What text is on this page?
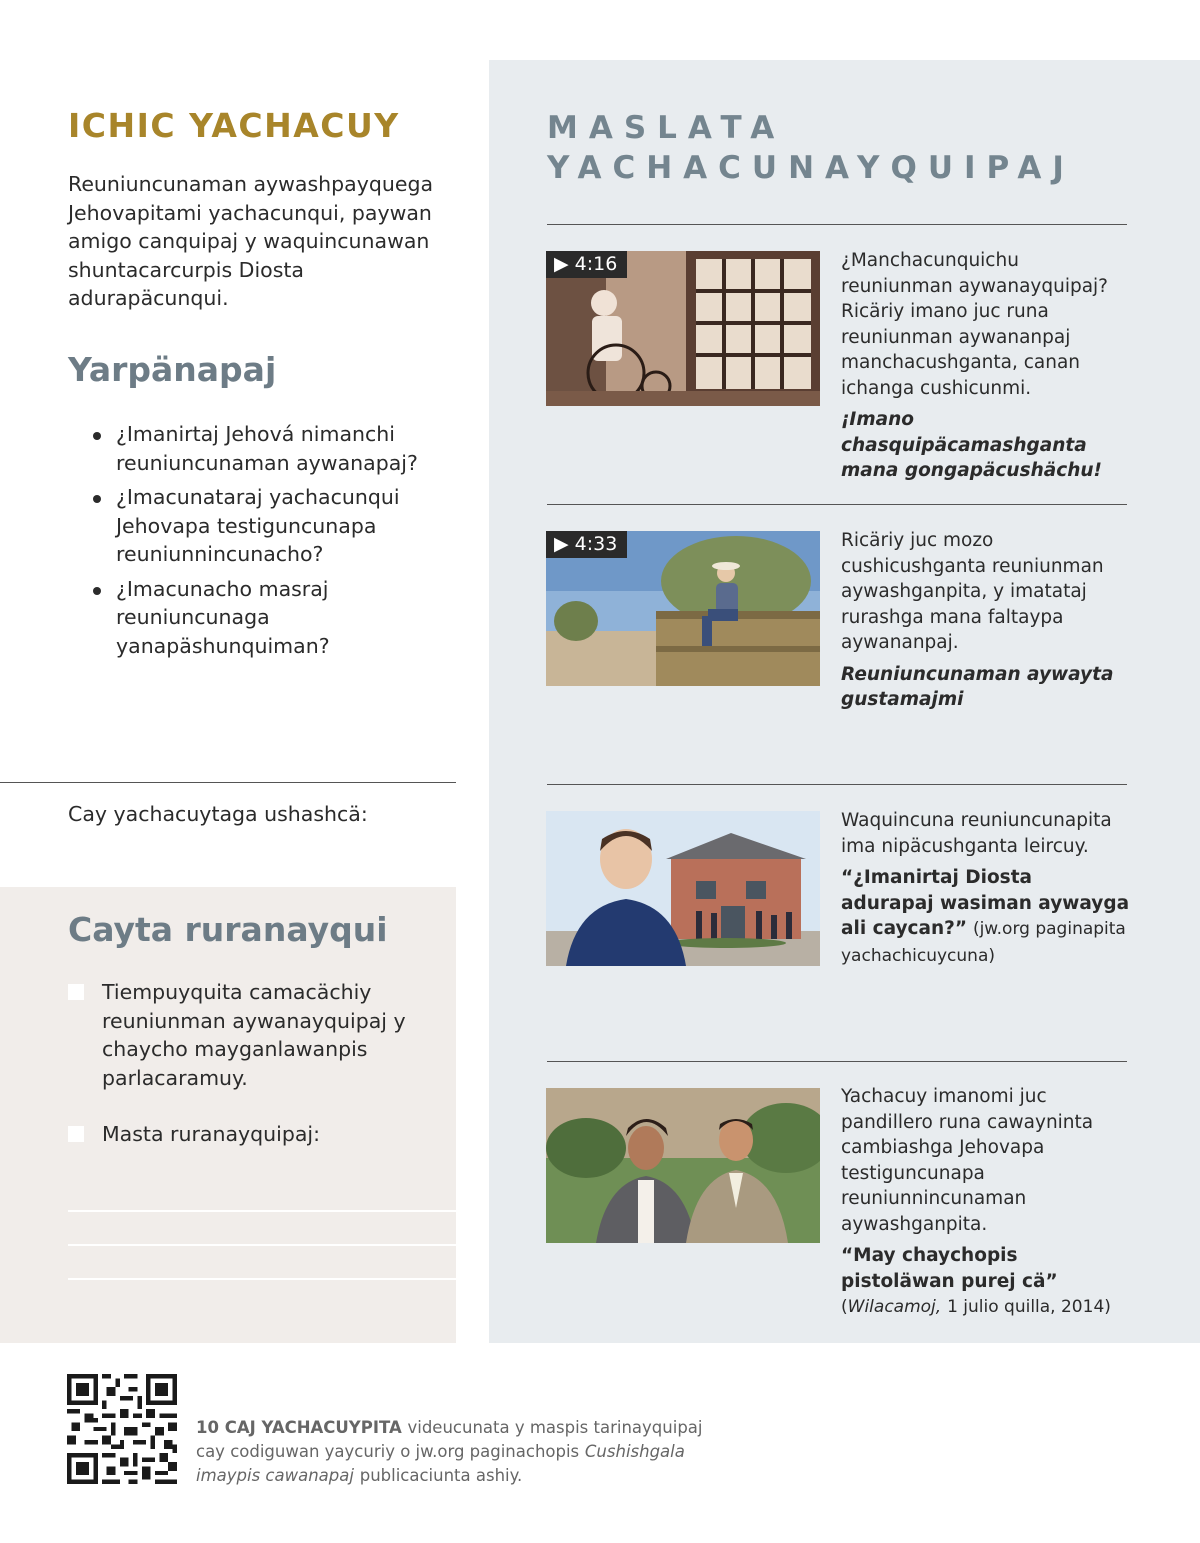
ICHIC YACHACUY

Reuniuncunaman aywashpayquega Jehovapitami yachacunqui, paywan amigo canquipaj y waquincunawan shuntacarcurpis Diosta adurapäcunqui.

Yarpänapaj
¿Imanirtaj Jehová nimanchi reuniuncunaman aywanapaj?
¿Imacunataraj yachacunqui Jehovapa testiguncunapa reuniunnincunacho?
¿Imacunacho masraj reuniuncunaga yanapäshunquiman?
Cay yachacuytaga ushashcä:
Cayta ruranayqui
Tiempuyquita camacächiy reuniunman aywanayquipaj y chaycho mayganlawanpis parlacaramuy.
Masta ruranayquipaj:
MASLATA
YACHACUNAYQUIPAJ
▶ 4:16	¿Manchacunquichu reuniunman aywanayquipaj? Ricäriy imano juc runa reuniunman aywananpaj manchacushganta, canan ichanga cushicunmi.

¡Imano chasquipäcamashganta mana gongapäcushächu!

▶ 4:33	Ricäriy juc mozo cushicushganta reuniunman aywashganpita, y imatataj rurashga mana faltaypa aywananpaj.

Reuniuncunaman aywayta gustamajmi

Waquincuna reuniuncunapita ima nipäcushganta leircuy.

“¿Imanirtaj Diosta adurapaj wasiman aywayga ali caycan?” (jw.org paginapita yachachicuycuna)

Yachacuy imanomi juc pandillero runa cawayninta cambiashga Jehovapa testiguncunapa reuniunnincunaman aywashganpita.

“May chaychopis pistoläwan purej cä” (Wilacamoj, 1 julio quilla, 2014)

10 CAJ YACHACUYPITA videucunata y maspis tarinayquipaj cay codiguwan yaycuriy o jw.org paginachopis Cushishgala imaypis cawanapaj publicaciunta ashiy.
